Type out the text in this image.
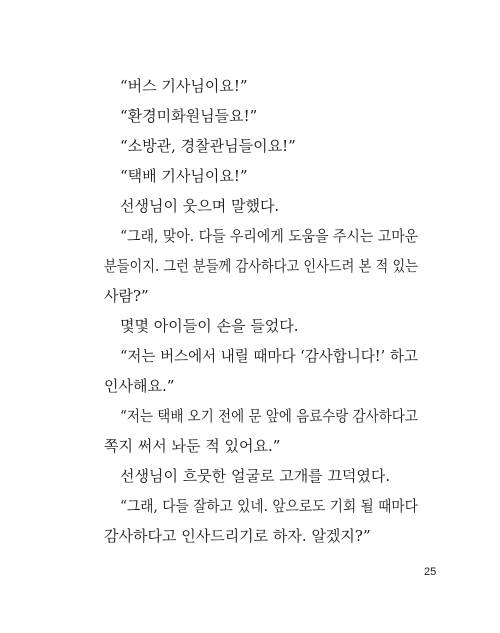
“버스 기사님이요!”
“환경미화원님들요!”
“소방관, 경찰관님들이요!”
“택배 기사님이요!”
선생님이 웃으며 말했다.
“그래, 맞아. 다들 우리에게 도움을 주시는 고마운
분들이지. 그런 분들께 감사하다고 인사드려 본 적 있는
사람?”
몇몇 아이들이 손을 들었다.
“저는 버스에서 내릴 때마다 ‘감사합니다!’ 하고
인사해요.”
“저는 택배 오기 전에 문 앞에 음료수랑 감사하다고
쪽지 써서 놔둔 적 있어요.”
선생님이 흐뭇한 얼굴로 고개를 끄덕였다.
“그래, 다들 잘하고 있네. 앞으로도 기회 될 때마다
감사하다고 인사드리기로 하자. 알겠지?”
25
